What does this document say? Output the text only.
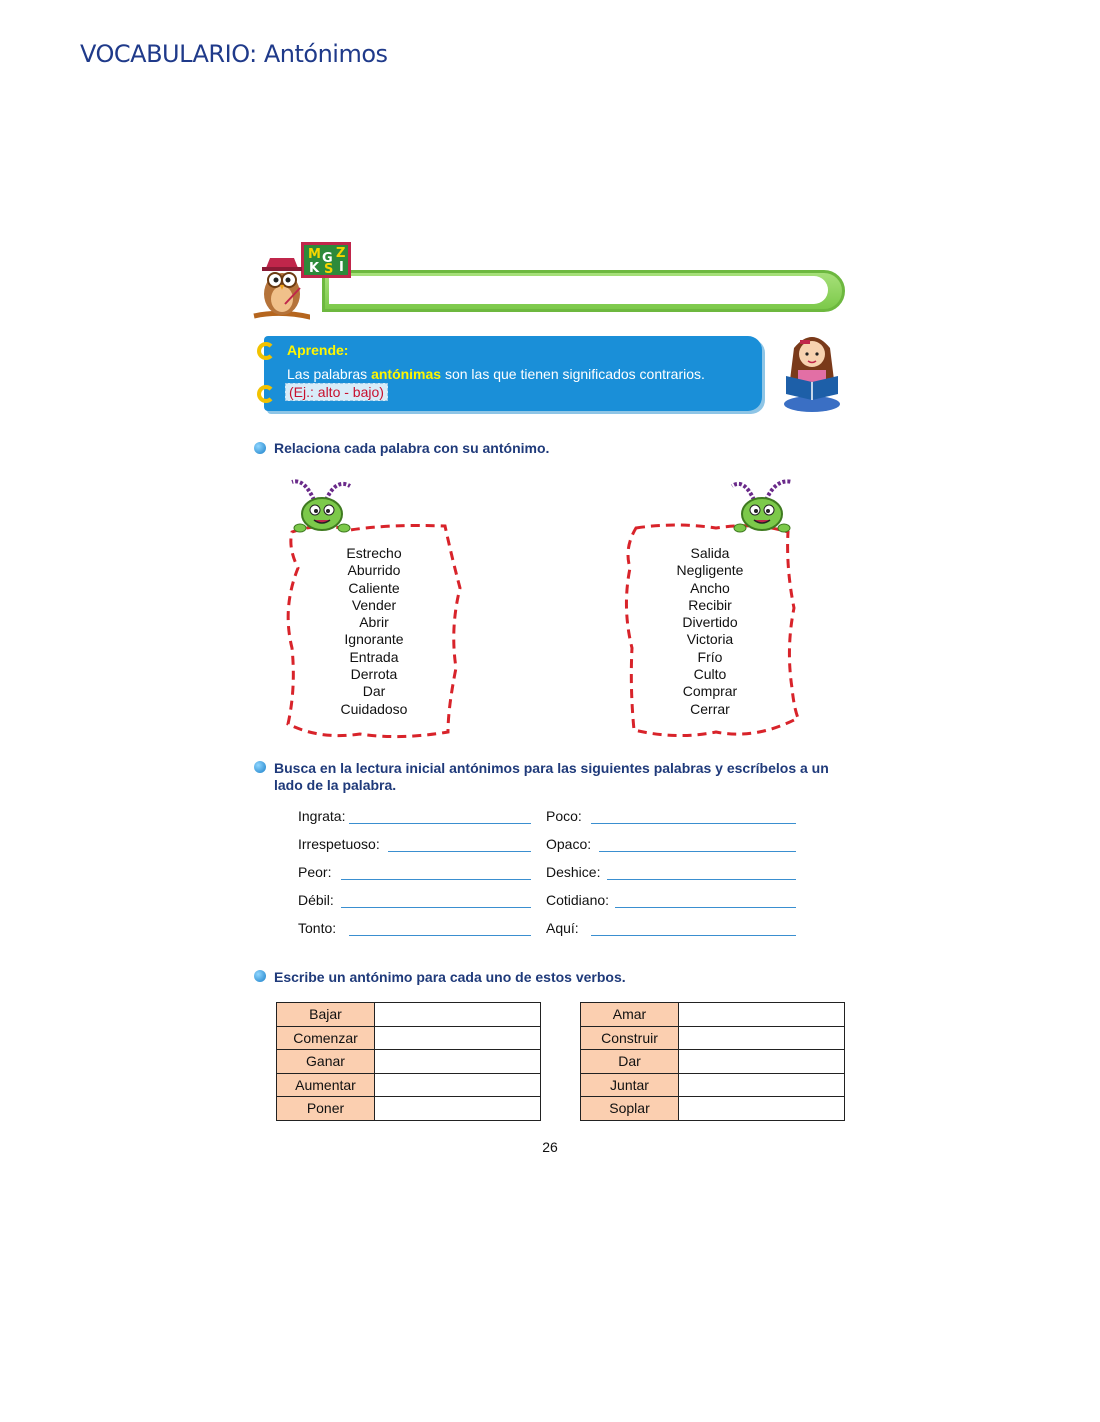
M G Z
K S I
VOCABULARIO: Antónimos
Aprende:
Las palabras antónimas son las que tienen significados contrarios.
(Ej.: alto - bajo)
Relaciona cada palabra con su antónimo.
Estrecho
Aburrido
Caliente
Vender
Abrir
Ignorante
Entrada
Derrota
Dar
Cuidadoso
Salida
Negligente
Ancho
Recibir
Divertido
Victoria
Frío
Culto
Comprar
Cerrar
Busca en la lectura inicial antónimos para las siguientes palabras y escríbelos a un
lado de la palabra.
Ingrata:
Irrespetuoso:
Peor:
Débil:
Tonto:
Poco:
Opaco:
Deshice:
Cotidiano:
Aquí:
Escribe un antónimo para cada uno de estos verbos.
Bajar	
Comenzar	
Ganar	
Aumentar	
Poner	
Amar	
Construir	
Dar	
Juntar	
Soplar	
26
